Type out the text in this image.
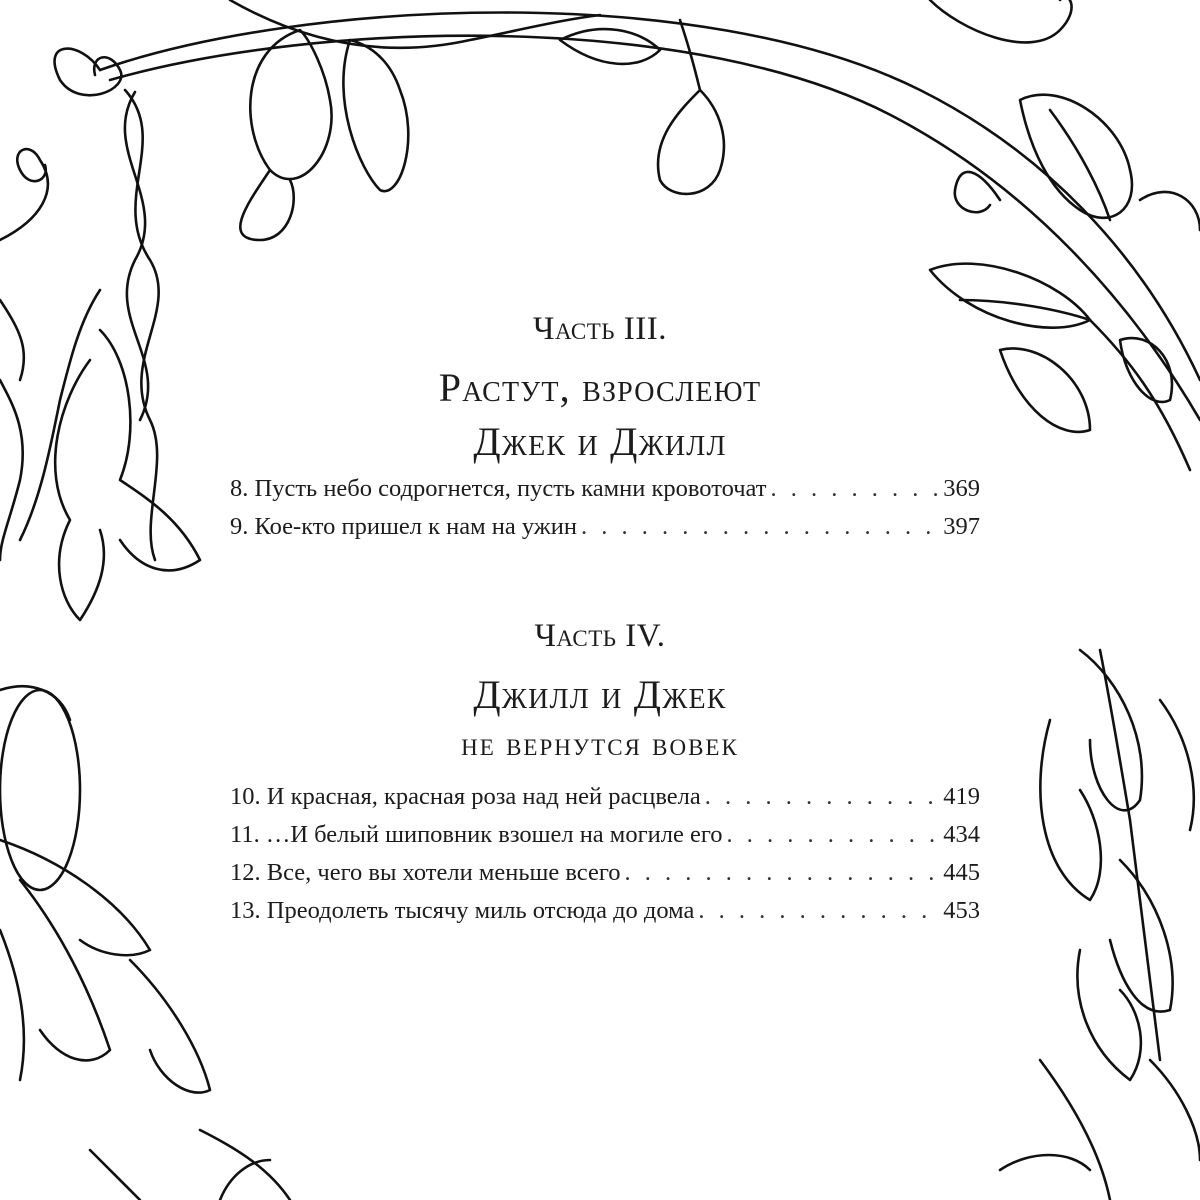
Часть III.
Растут, взрослеют
Джек и Джилл
8. Пусть небо содрогнется, пусть камни кровоточат . . .	369
9. Кое-кто пришел к нам на ужин . . .	397
Часть IV.
Джилл и Джек
не вернутся вовек
10. И красная, красная роза над ней расцвела . . .	419
11. …И белый шиповник взошел на могиле его . . .	434
12. Все, чего вы хотели меньше всего . . .	445
13. Преодолеть тысячу миль отсюда до дома . . .	453
